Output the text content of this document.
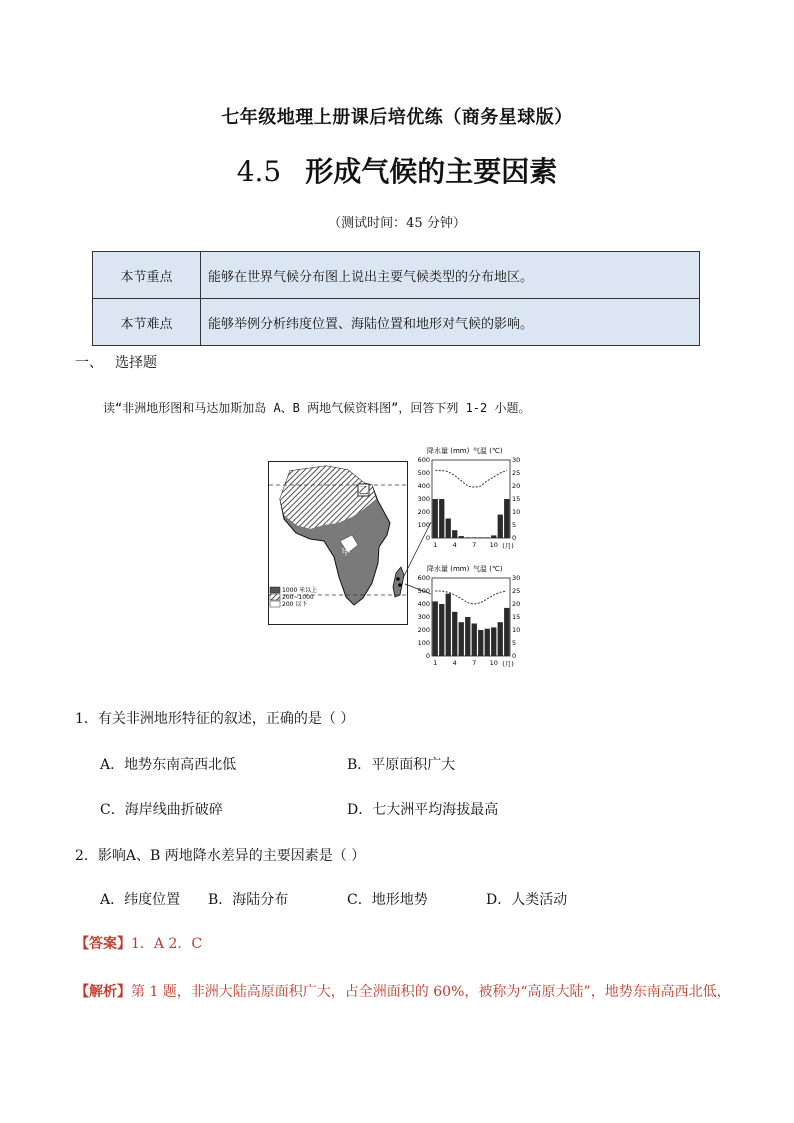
七年级地理上册课后培优练（商务星球版）
4.5 形成气候的主要因素
（测试时间：45 分钟）
本节重点	能够在世界气候分布图上说出主要气候类型的分布地区。
本节难点	能够举例分析纬度位置、海陆位置和地形对气候的影响。
一、 选择题
读“非洲地形图和马达加斯加岛 A、B 两地气候资料图”，回答下列 1-2 小题。
乙
甲
1000 米以上
200~1000
200 以下
降水量 (mm) 气温 (℃)
600
500
400
300
200
100
0
30
25
20
15
10
5
0
1 4 7 10 (月)
降水量 (mm) 气温 (℃)
600
500
400
300
200
100
0
30
25
20
15
10
5
0
1 4 7 10 (月)
1．有关非洲地形特征的叙述，正确的是（ ）
A．地势东南高西北低	B．平原面积广大
C．海岸线曲折破碎	D．七大洲平均海拔最高
2．影响A、B 两地降水差异的主要因素是（ ）
A．纬度位置 B．海陆分布	C．地形地势	D．人类活动
【答案】1．A 2．C
【解析】第 1 题，非洲大陆高原面积广大，占全洲面积的 60%，被称为“高原大陆”，地势东南高西北低，
